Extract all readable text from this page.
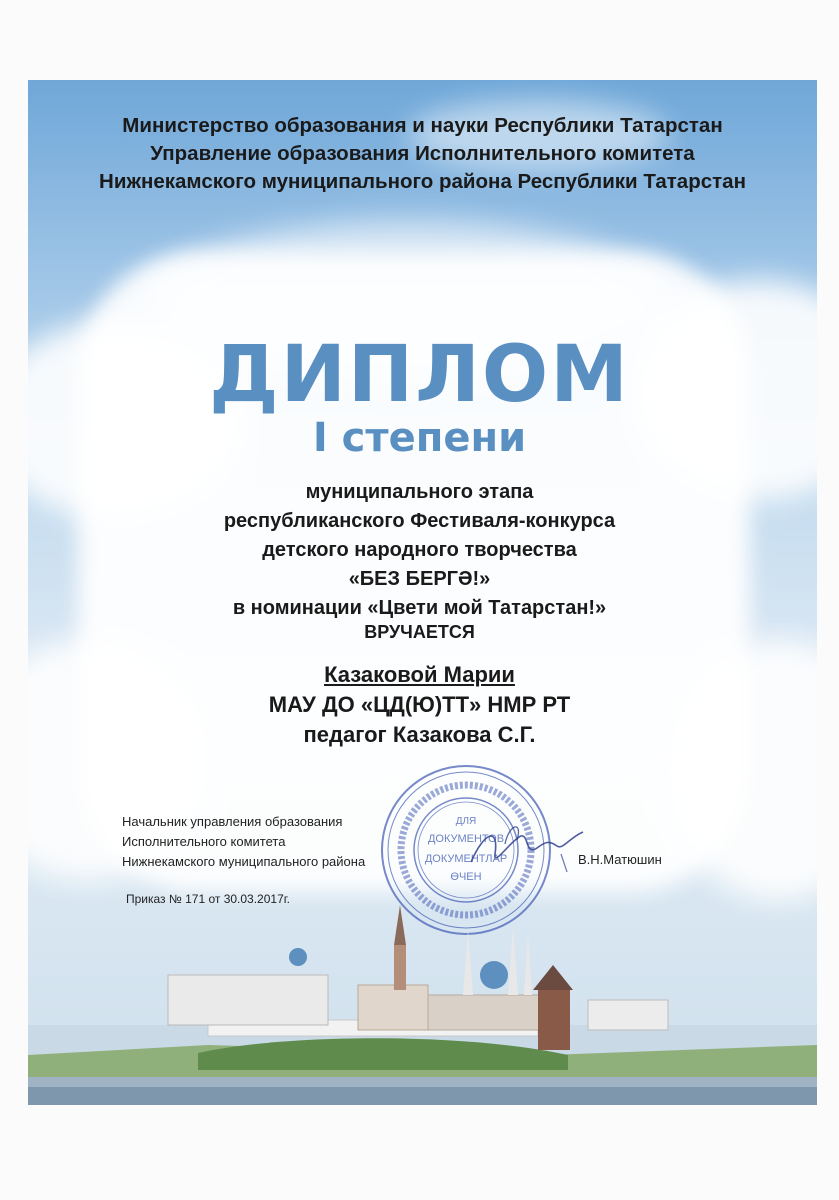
Министерство образования и науки Республики Татарстан
Управление образования Исполнительного комитета
Нижнекамского муниципального района Республики Татарстан
ДИПЛОМ
I степени
муниципального этапа
республиканского Фестиваля-конкурса
детского народного творчества
«БЕЗ БЕРГӘ!»
в номинации «Цвети мой Татарстан!»
ВРУЧАЕТСЯ
Казаковой Марии
МАУ ДО «ЦД(Ю)ТТ» НМР РТ
педагог Казакова С.Г.
Начальник управления образования
Исполнительного комитета
Нижнекамского муниципального района	В.Н.Матюшин
Приказ № 171 от 30.03.2017г.
ДЛЯ
ДОКУМЕНТОВ
ДОКУМЕНТЛАР
ӨЧЕН
